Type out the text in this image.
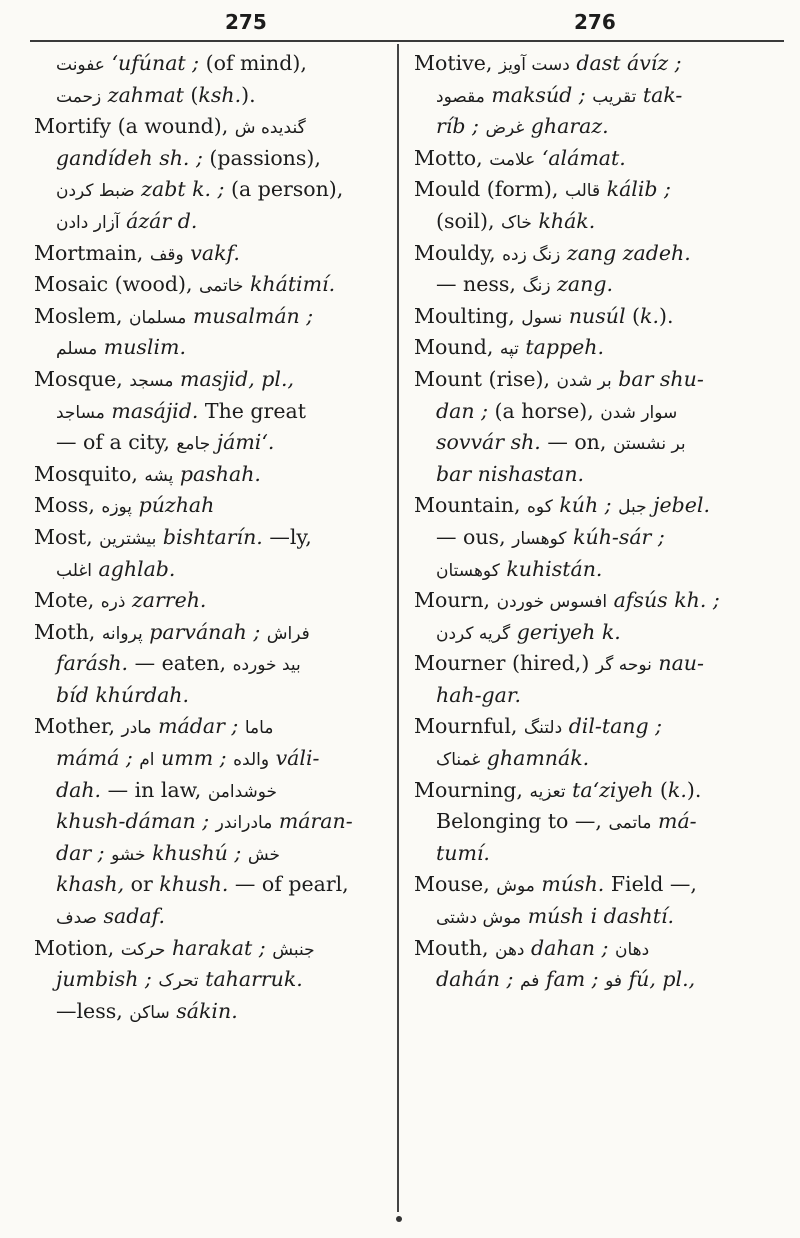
275	276
عفونت ʻufúnat ; (of mind),
زحمت zahmat (ksh.).
Mortify (a wound), گندیده ش
gandídeh sh. ; (passions),
ضبط کردن zabt k. ; (a person),
آزار دادن ázár d.
Mortmain, وقف vakf.
Mosaic (wood), خاتمی khátimí.
Moslem, مسلمان musalmán ;
مسلم muslim.
Mosque, مسجد masjid, pl.,
مساجد masájid. The great
— of a city, جامع jámiʻ.
Mosquito, پشه pashah.
Moss, پوزه púzhah
Most, بیشترین bishtarín. —ly,
اغلب aghlab.
Mote, ذره zarreh.
Moth, پروانه parvánah ; فراش
farásh. — eaten, بید خورده
bíd khúrdah.
Mother, مادر mádar ; ماما
mámá ; ام umm ; والده váli-
dah. — in law, خوشدامن
khush-dáman ; مادراندر máran-
dar ; خشو khushú ; خش
khash, or khush. — of pearl,
صدف sadaf.
Motion, حرکت harakat ; جنبش
jumbish ; تحرک taharruk.
—less, ساکن sákin.
Motive, دست آویز dast ávíz ;
مقصود maksúd ; تقریب tak-
ríb ; غرض gharaz.
Motto, علامت ʻalámat.
Mould (form), قالب kálib ;
(soil), خاک khák.
Mouldy, زنگ زده zang zadeh.
— ness, زنگ zang.
Moulting, نسول nusúl (k.).
Mound, تپه tappeh.
Mount (rise), بر شدن bar shu-
dan ; (a horse), سوار شدن
sovvár sh. — on, بر نشستن
bar nishastan.
Mountain, کوه kúh ; جبل jebel.
— ous, کوهسار kúh-sár ;
کوهستان kuhistán.
Mourn, افسوس خوردن afsús kh. ;
گریه کردن geriyeh k.
Mourner (hired,) نوحه گر nau-
hah-gar.
Mournful, دلتنگ dil-tang ;
غمناک ghamnák.
Mourning, تعزیه taʻziyeh (k.).
Belonging to —, ماتمی má-
tumí.
Mouse, موش músh. Field —,
موش دشتی músh i dashtí.
Mouth, دهن dahan ; دهان
dahán ; فم fam ; فو fú, pl.,
